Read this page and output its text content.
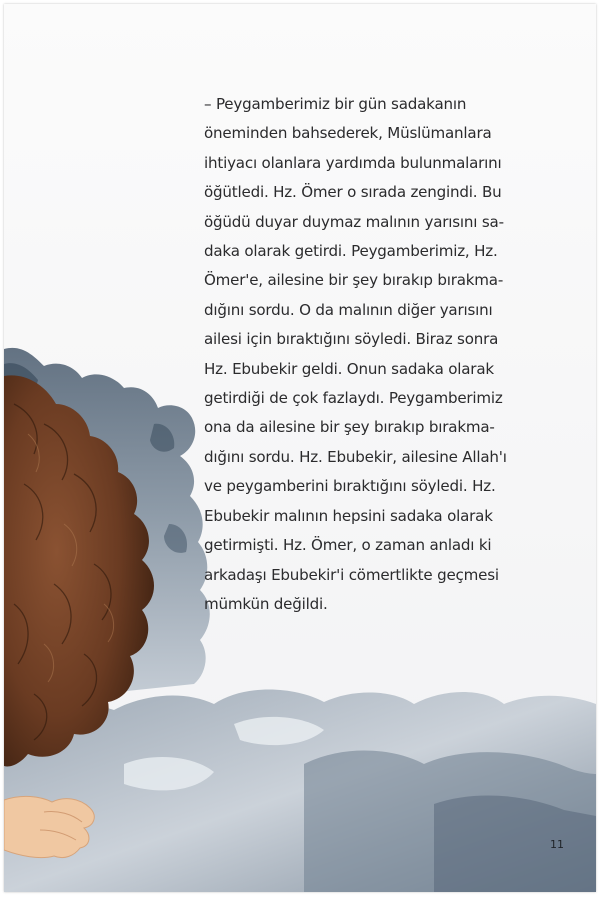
– Peygamberimiz bir gün sadakanın
öneminden bahsederek, Müslümanlara
ihtiyacı olanlara yardımda bulunmalarını
öğütledi. Hz. Ömer o sırada zengindi. Bu
öğüdü duyar duymaz malının yarısını sa-
daka olarak getirdi. Peygamberimiz, Hz.
Ömer'e, ailesine bir şey bırakıp bırakma-
dığını sordu. O da malının diğer yarısını
ailesi için bıraktığını söyledi. Biraz sonra
Hz. Ebubekir geldi. Onun sadaka olarak
getirdiği de çok fazlaydı. Peygamberimiz
ona da ailesine bir şey bırakıp bırakma-
dığını sordu. Hz. Ebubekir, ailesine Allah'ı
ve peygamberini bıraktığını söyledi. Hz.
Ebubekir malının hepsini sadaka olarak
getirmişti. Hz. Ömer, o zaman anladı ki
arkadaşı Ebubekir'i cömertlikte geçmesi
mümkün değildi.

11
